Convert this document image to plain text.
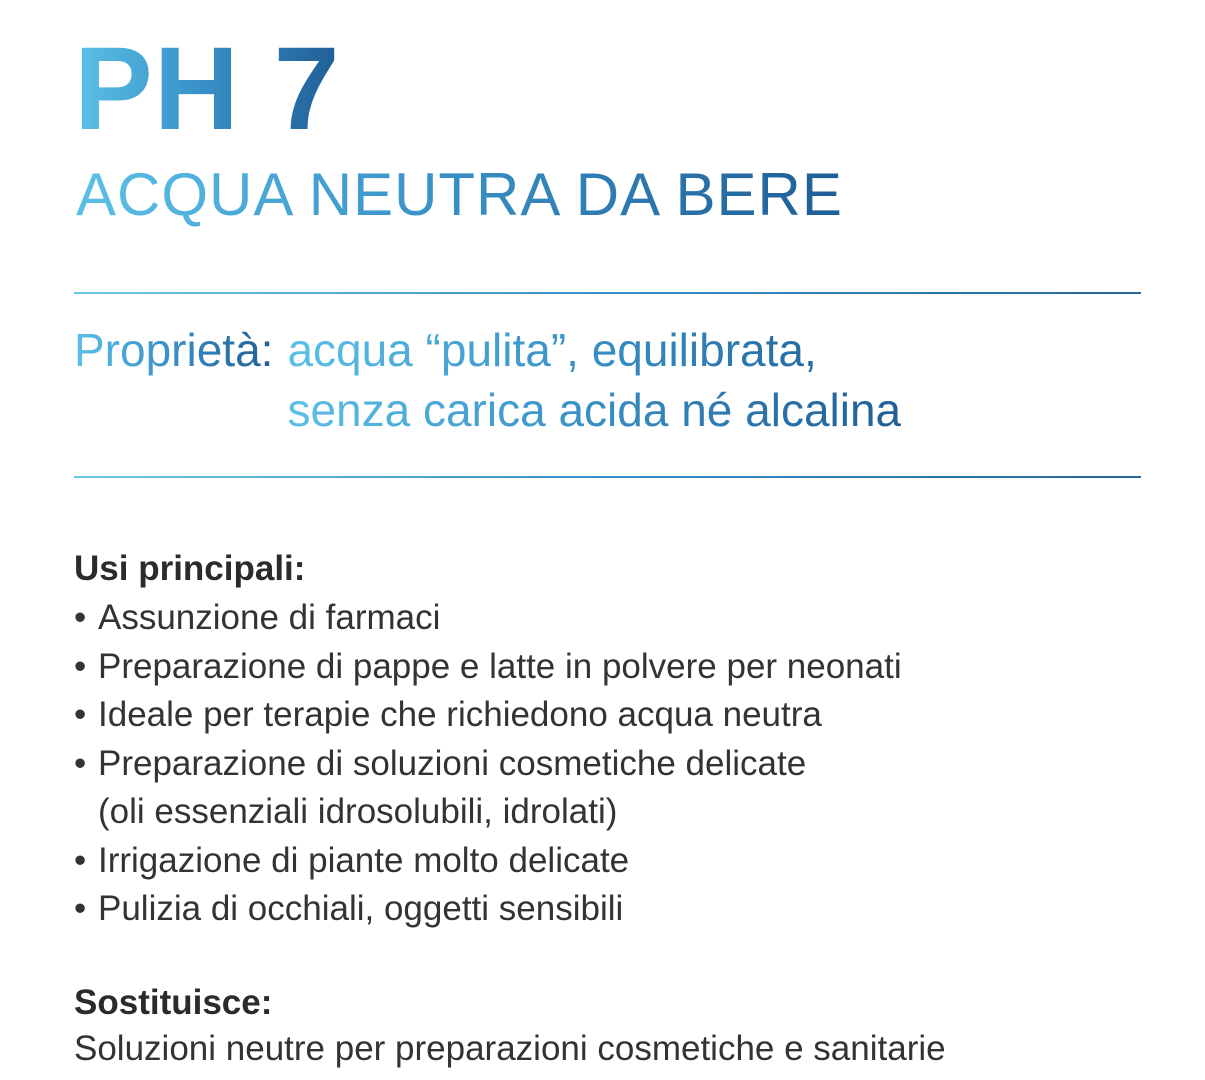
PH 7
ACQUA NEUTRA DA BERE
Proprietà: acqua “pulita”, equilibrata,
senza carica acida né alcalina
Usi principali:
• Assunzione di farmaci
• Preparazione di pappe e latte in polvere per neonati
• Ideale per terapie che richiedono acqua neutra
• Preparazione di soluzioni cosmetiche delicate
(oli essenziali idrosolubili, idrolati)
• Irrigazione di piante molto delicate
• Pulizia di occhiali, oggetti sensibili
Sostituisce:
Soluzioni neutre per preparazioni cosmetiche e sanitarie
